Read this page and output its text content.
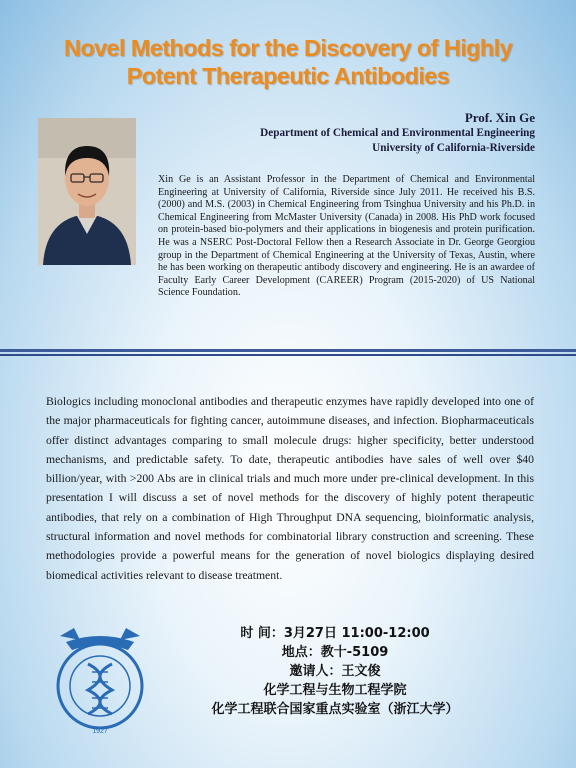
Novel Methods for the Discovery of Highly
Potent Therapeutic Antibodies
Prof. Xin Ge
Department of Chemical and Environmental Engineering
University of California-Riverside
Xin Ge is an Assistant Professor in the Department of Chemical and Environmental Engineering at University of California, Riverside since July 2011. He received his B.S. (2000) and M.S. (2003) in Chemical Engineering from Tsinghua University and his Ph.D. in Chemical Engineering from McMaster University (Canada) in 2008. His PhD work focused on protein-based bio-polymers and their applications in biogenesis and protein purification. He was a NSERC Post-Doctoral Fellow then a Research Associate in Dr. George Georgiou group in the Department of Chemical Engineering at the University of Texas, Austin, where he has been working on therapeutic antibody discovery and engineering. He is an awardee of Faculty Early Career Development (CAREER) Program (2015-2020) of US National Science Foundation.
Biologics including monoclonal antibodies and therapeutic enzymes have rapidly developed into one of the major pharmaceuticals for fighting cancer, autoimmune diseases, and infection. Biopharmaceuticals offer distinct advantages comparing to small molecule drugs: higher specificity, better understood mechanisms, and predictable safety. To date, therapeutic antibodies have sales of well over $40 billion/year, with >200 Abs are in clinical trials and much more under pre-clinical development. In this presentation I will discuss a set of novel methods for the discovery of highly potent therapeutic antibodies, that rely on a combination of High Throughput DNA sequencing, bioinformatic analysis, structural information and novel methods for combinatorial library construction and screening. These methodologies provide a powerful means for the generation of novel biologics displaying desired biomedical activities relevant to disease treatment.
1927
时 间：3月27日 11:00-12:00
地点：教十-5109
邀请人：王文俊
化学工程与生物工程学院
化学工程联合国家重点实验室（浙江大学）
